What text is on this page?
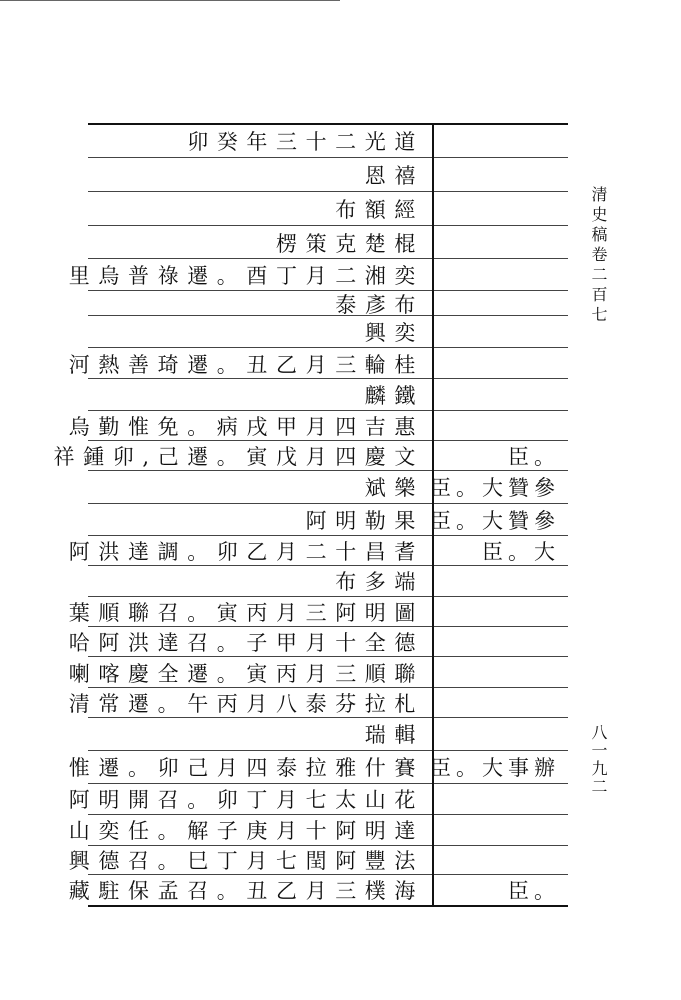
卯癸年三十二光道
恩禧
布額經
楞策克楚棍
里烏普祿遷。酉丁月二湘奕
泰彥布
興奕
河熱善琦遷。丑乙月三輪桂
麟鐵
烏勤惟免。病戌甲月四吉惠
祥鍾卯,己遷。寅戊月四慶文	臣。
斌樂 臣。大贊參
阿明勒果 臣。大贊參
阿洪達調。卯乙月二十昌耆	臣。大
布多端
葉順聯召。寅丙月三阿明圖
哈阿洪達召。子甲月十全德
喇喀慶全遷。寅丙月三順聯
清常遷。午丙月八泰芬拉札
瑞輯
惟遷。卯己月四泰拉雅什賽 臣。大事辦
阿明開召。卯丁月七太山花
山奕任。解子庚月十阿明達
興德召。巳丁月七閏阿豐法
藏駐保孟召。丑乙月三樸海	臣。
清史稿卷二百七
八一九二
